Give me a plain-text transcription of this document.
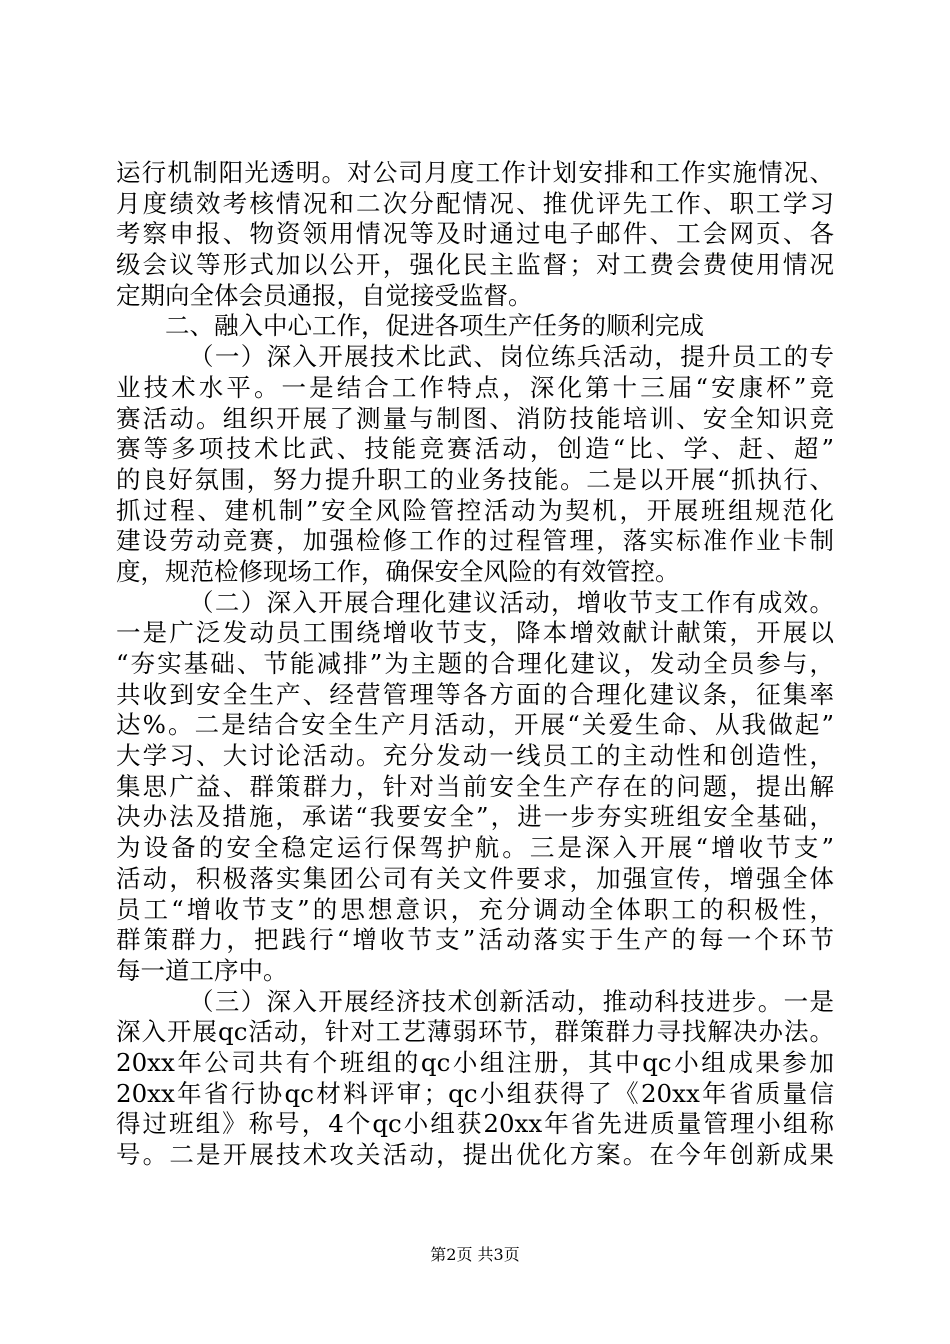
运行机制阳光透明。对公司月度工作计划安排和工作实施情况、
月度绩效考核情况和二次分配情况、推优评先工作、职工学习
考察申报、物资领用情况等及时通过电子邮件、工会网页、各
级会议等形式加以公开，强化民主监督；对工费会费使用情况
定期向全体会员通报，自觉接受监督。
二、融入中心工作，促进各项生产任务的顺利完成
（一）深入开展技术比武、岗位练兵活动，提升员工的专
业技术水平。一是结合工作特点，深化第十三届“安康杯”竞
赛活动。组织开展了测量与制图、消防技能培训、安全知识竞
赛等多项技术比武、技能竞赛活动，创造“比、学、赶、超”
的良好氛围，努力提升职工的业务技能。二是以开展“抓执行、
抓过程、建机制”安全风险管控活动为契机，开展班组规范化
建设劳动竞赛，加强检修工作的过程管理，落实标准作业卡制
度，规范检修现场工作，确保安全风险的有效管控。
（二）深入开展合理化建议活动，增收节支工作有成效。
一是广泛发动员工围绕增收节支，降本增效献计献策，开展以
“夯实基础、节能减排”为主题的合理化建议，发动全员参与，
共收到安全生产、经营管理等各方面的合理化建议条，征集率
达%。二是结合安全生产月活动，开展“关爱生命、从我做起”
大学习、大讨论活动。充分发动一线员工的主动性和创造性，
集思广益、群策群力，针对当前安全生产存在的问题，提出解
决办法及措施，承诺“我要安全”，进一步夯实班组安全基础，
为设备的安全稳定运行保驾护航。三是深入开展“增收节支”
活动，积极落实集团公司有关文件要求，加强宣传，增强全体
员工“增收节支”的思想意识，充分调动全体职工的积极性，
群策群力，把践行“增收节支”活动落实于生产的每一个环节
每一道工序中。
（三）深入开展经济技术创新活动，推动科技进步。一是
深入开展qc活动，针对工艺薄弱环节，群策群力寻找解决办法。
20xx年公司共有个班组的qc小组注册，其中qc小组成果参加
20xx年省行协qc材料评审；qc小组获得了《20xx年省质量信
得过班组》称号，4个qc小组获20xx年省先进质量管理小组称
号。二是开展技术攻关活动，提出优化方案。在今年创新成果
第2页 共3页
